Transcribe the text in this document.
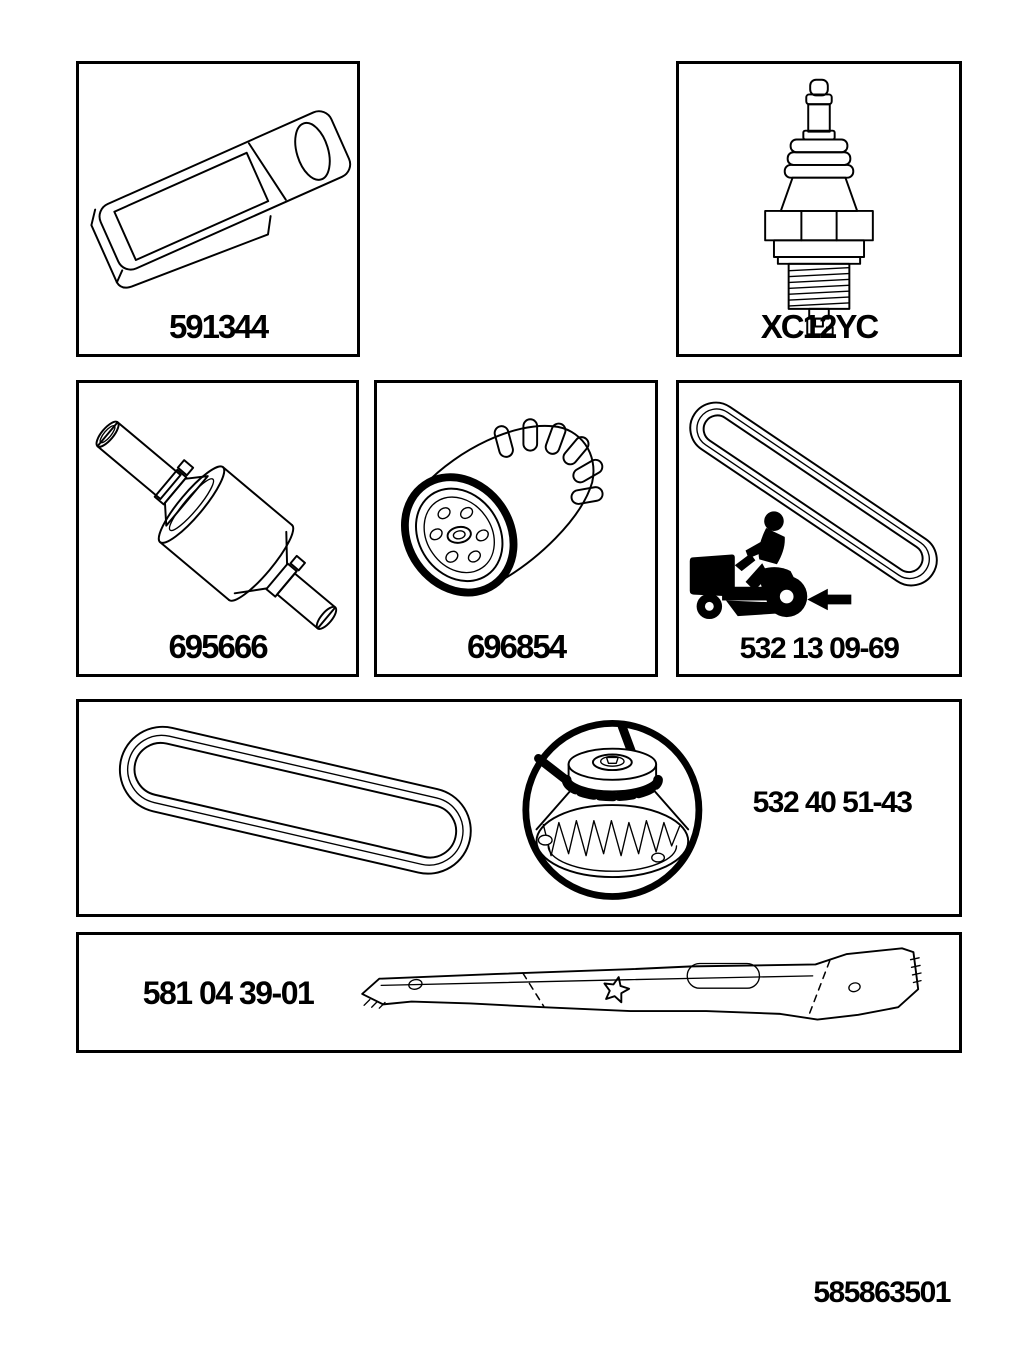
591344	XC12YC
695666	696854	532 13 09-69
532 40 51-43
581 04 39-01
585863501
